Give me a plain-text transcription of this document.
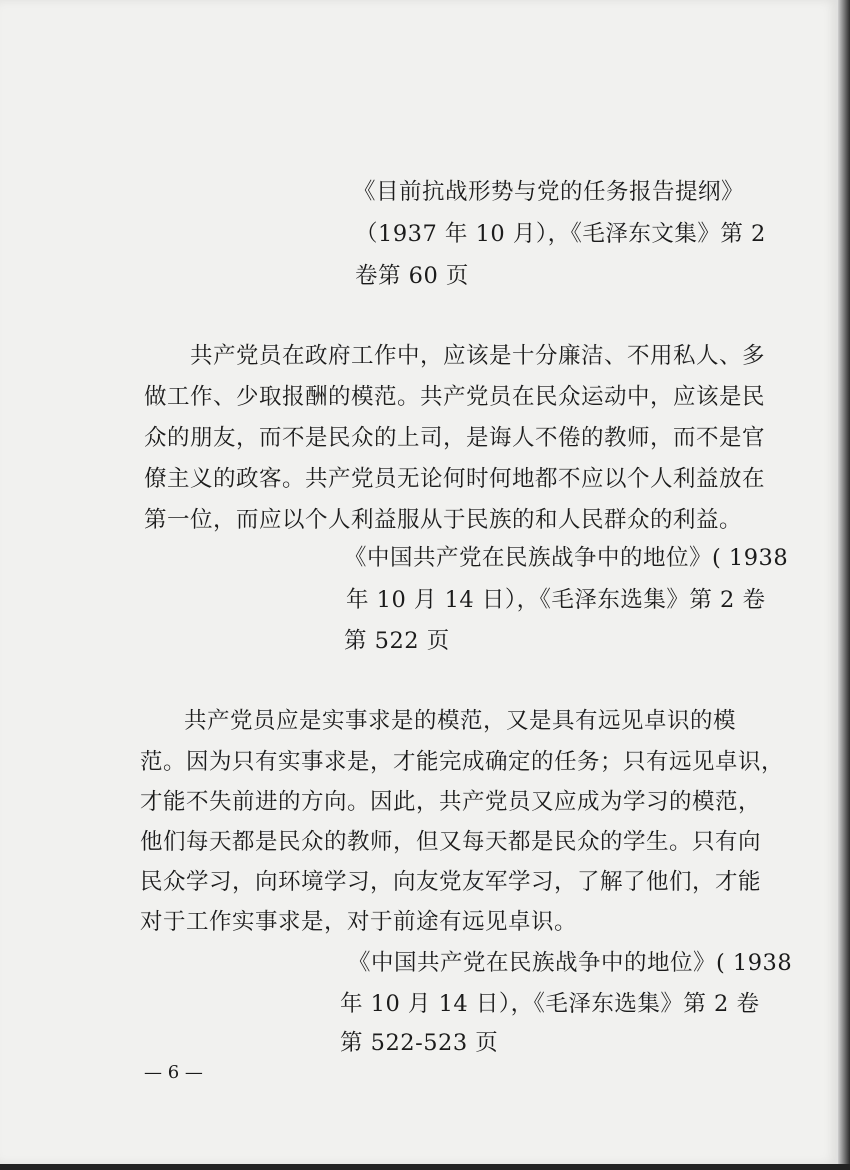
《目前抗战形势与党的任务报告提纲》
（1937 年 10 月），《毛泽东文集》第 2
卷第 60 页
共产党员在政府工作中，应该是十分廉洁、不用私人、多
做工作、少取报酬的模范。共产党员在民众运动中，应该是民
众的朋友，而不是民众的上司，是诲人不倦的教师，而不是官
僚主义的政客。共产党员无论何时何地都不应以个人利益放在
第一位，而应以个人利益服从于民族的和人民群众的利益。
《中国共产党在民族战争中的地位》( 1938
年 10 月 14 日），《毛泽东选集》第 2 卷
第 522 页
共产党员应是实事求是的模范，又是具有远见卓识的模
范。因为只有实事求是，才能完成确定的任务；只有远见卓识，
才能不失前进的方向。因此，共产党员又应成为学习的模范，
他们每天都是民众的教师，但又每天都是民众的学生。只有向
民众学习，向环境学习，向友党友军学习，了解了他们，才能
对于工作实事求是，对于前途有远见卓识。
《中国共产党在民族战争中的地位》( 1938
年 10 月 14 日），《毛泽东选集》第 2 卷
第 522-523 页
— 6 —
